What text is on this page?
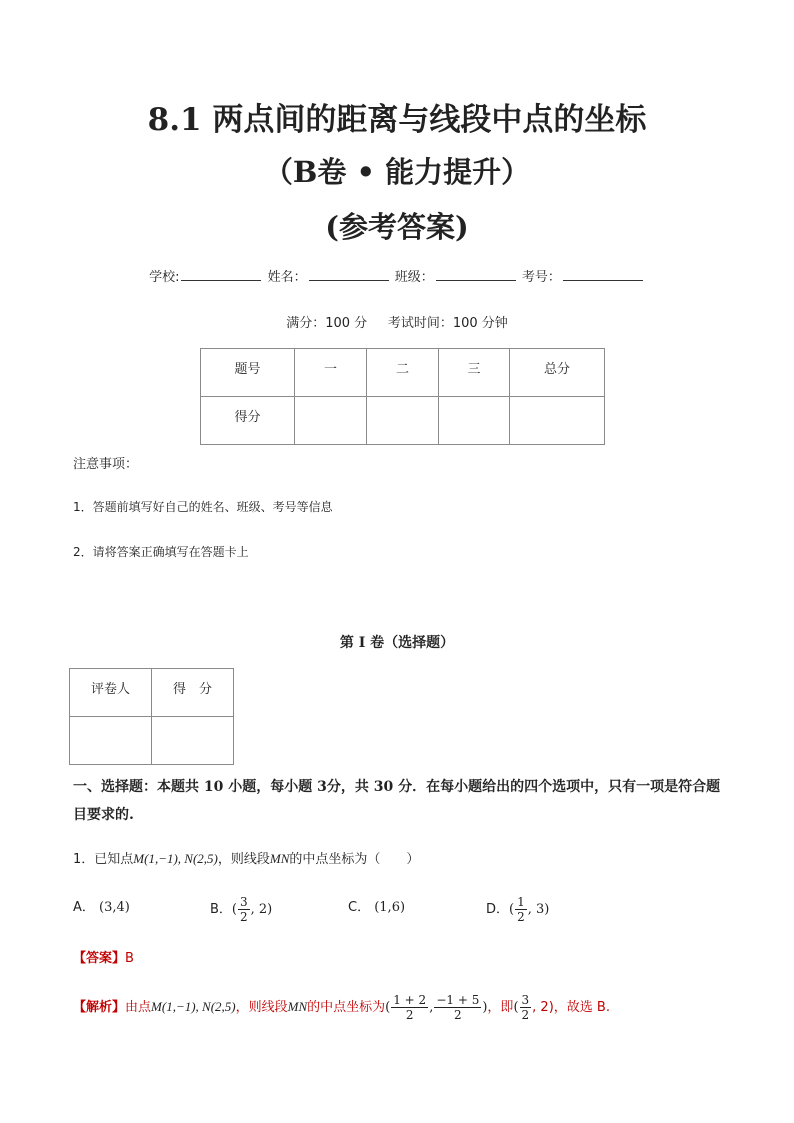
8.1 两点间的距离与线段中点的坐标
（B卷 • 能力提升）
(参考答案)
学校:	姓名：	班级：	考号：
满分：100 分     考试时间：100 分钟
题号	一	二	三	总分
得分				
注意事项：
1．答题前填写好自己的姓名、班级、考号等信息
2．请将答案正确填写在答题卡上
第 I 卷（选择题）
评卷人	得　分

一、选择题：本题共 10 小题，每小题 3分，共 30 分．在每小题给出的四个选项中，只有一项是符合题目要求的.
1．已知点M(1,−1), N(2,5)，则线段MN的中点坐标为（　　）
A． (3,4)	B．( $\frac{3}{2}$ , 2)	C． (1,6)	D．( $\frac{1}{2}$ , 3)
【答案】B
【解析】由点M(1,−1), N(2,5)，则线段MN的中点坐标为( $\frac{1 + 2}{2}$ , $\frac{-1 + 5}{2}$ )，即( $\frac{3}{2}$ , 2)，故选 B.
